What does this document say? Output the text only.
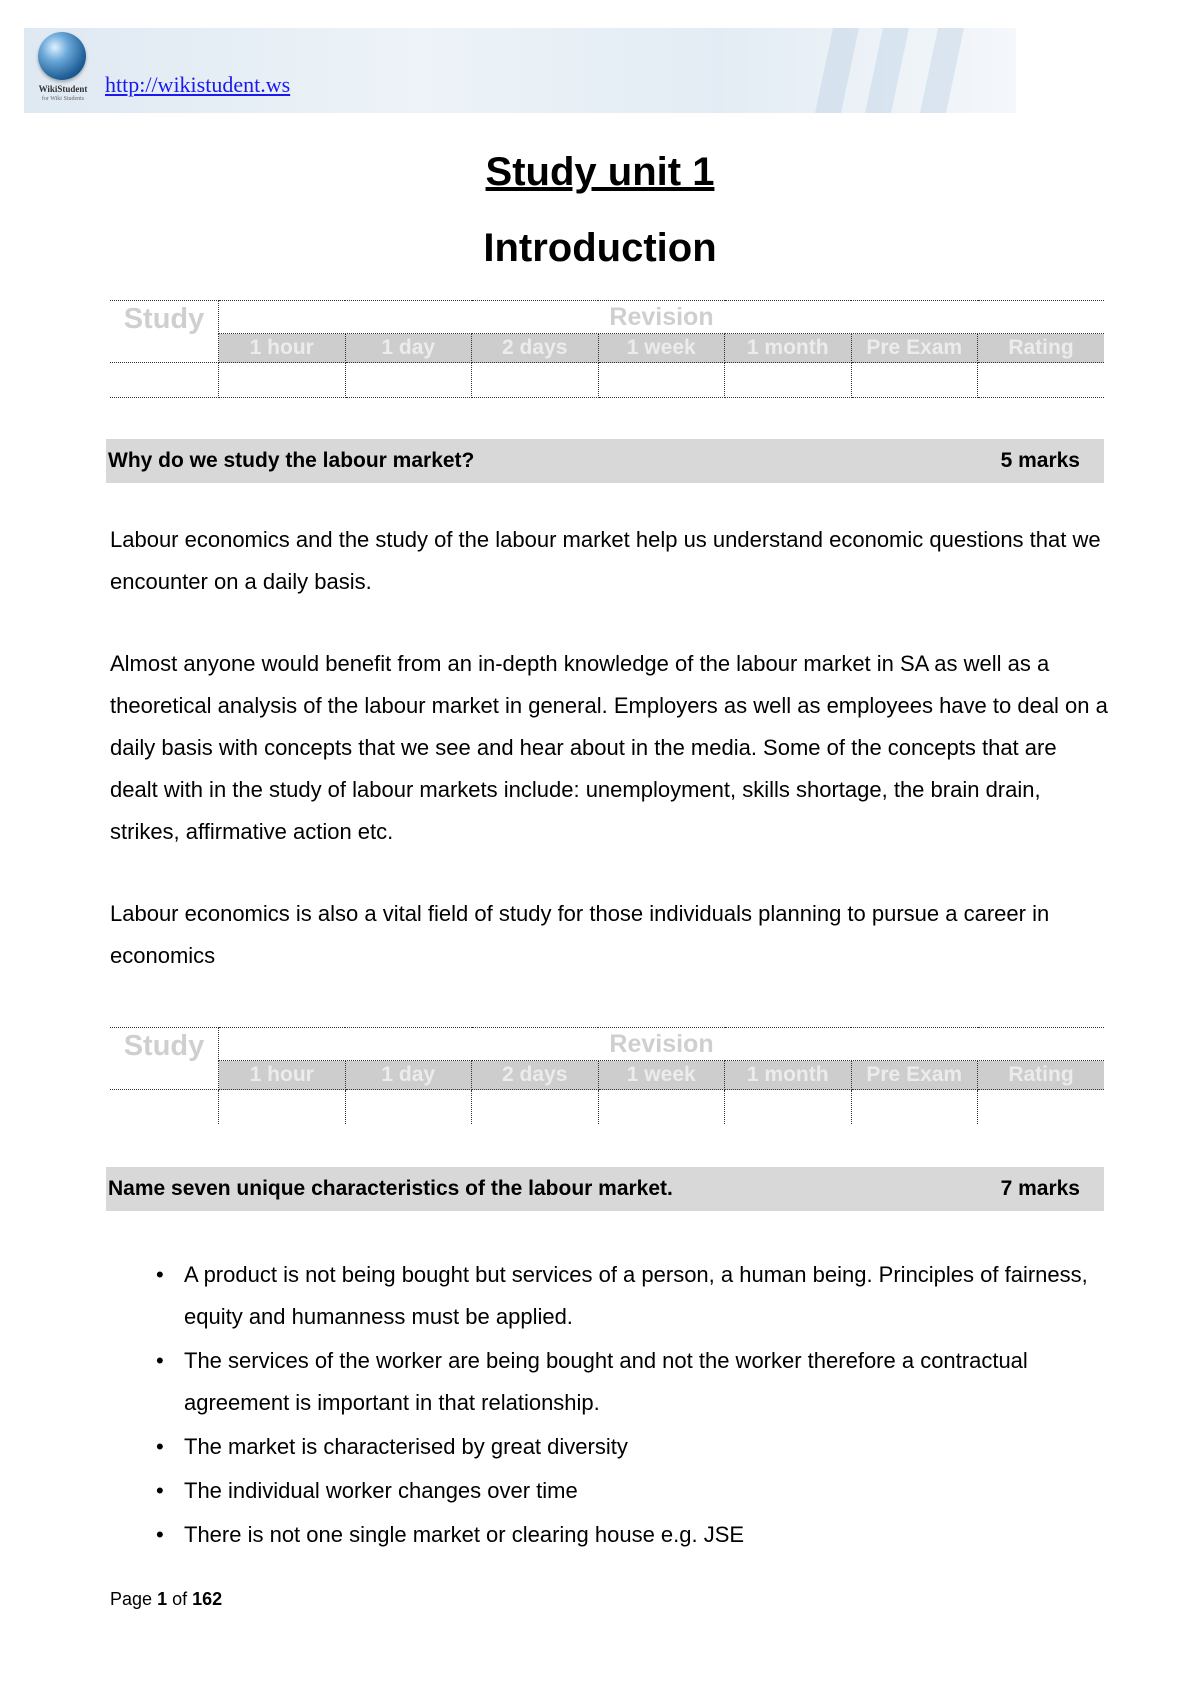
WikiStudent
for Wiki Students
http://wikistudent.ws
Study unit 1
Introduction
Study	Revision						
	1 hour	1 day	2 days	1 week	1 month	Pre Exam	Rating

Why do we study the labour market?	5 marks

Labour economics and the study of the labour market help us understand economic questions that we encounter on a daily basis.

Almost anyone would benefit from an in-depth knowledge of the labour market in SA as well as a theoretical analysis of the labour market in general. Employers as well as employees have to deal on a daily basis with concepts that we see and hear about in the media. Some of the concepts that are dealt with in the study of labour markets include: unemployment, skills shortage, the brain drain, strikes, affirmative action etc.

Labour economics is also a vital field of study for those individuals planning to pursue a career in economics

Study	Revision						
	1 hour	1 day	2 days	1 week	1 month	Pre Exam	Rating

Name seven unique characteristics of the labour market.	7 marks
• A product is not being bought but services of a person, a human being. Principles of fairness, equity and humanness must be applied.
• The services of the worker are being bought and not the worker therefore a contractual agreement is important in that relationship.
• The market is characterised by great diversity
• The individual worker changes over time
• There is not one single market or clearing house e.g. JSE
Page 1 of 162
